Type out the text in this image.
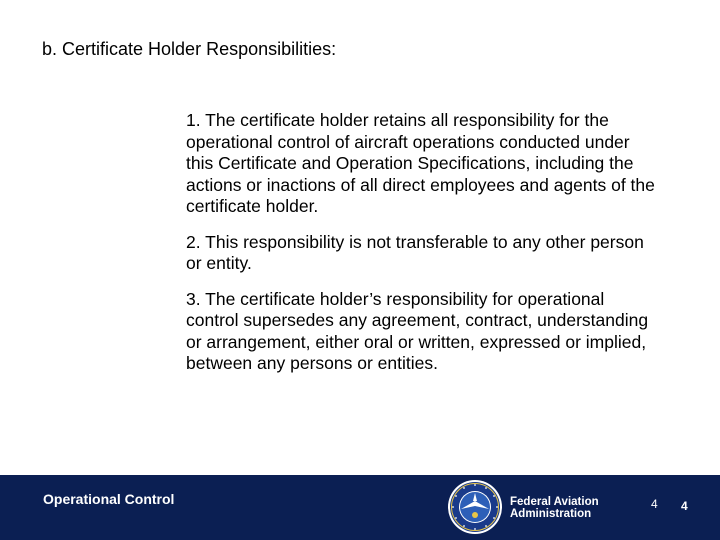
b. Certificate Holder Responsibilities:

1. The certificate holder retains all responsibility for the operational control of aircraft operations conducted under this Certificate and Operation Specifications, including the actions or inactions of all direct employees and agents of the certificate holder.

2. This responsibility is not transferable to any other person or entity.

3. The certificate holder’s responsibility for operational control supersedes any agreement, contract, understanding or arrangement, either oral or written, expressed or implied, between any persons or entities.

Operational Control	Federal Aviation
Administration
4 4
